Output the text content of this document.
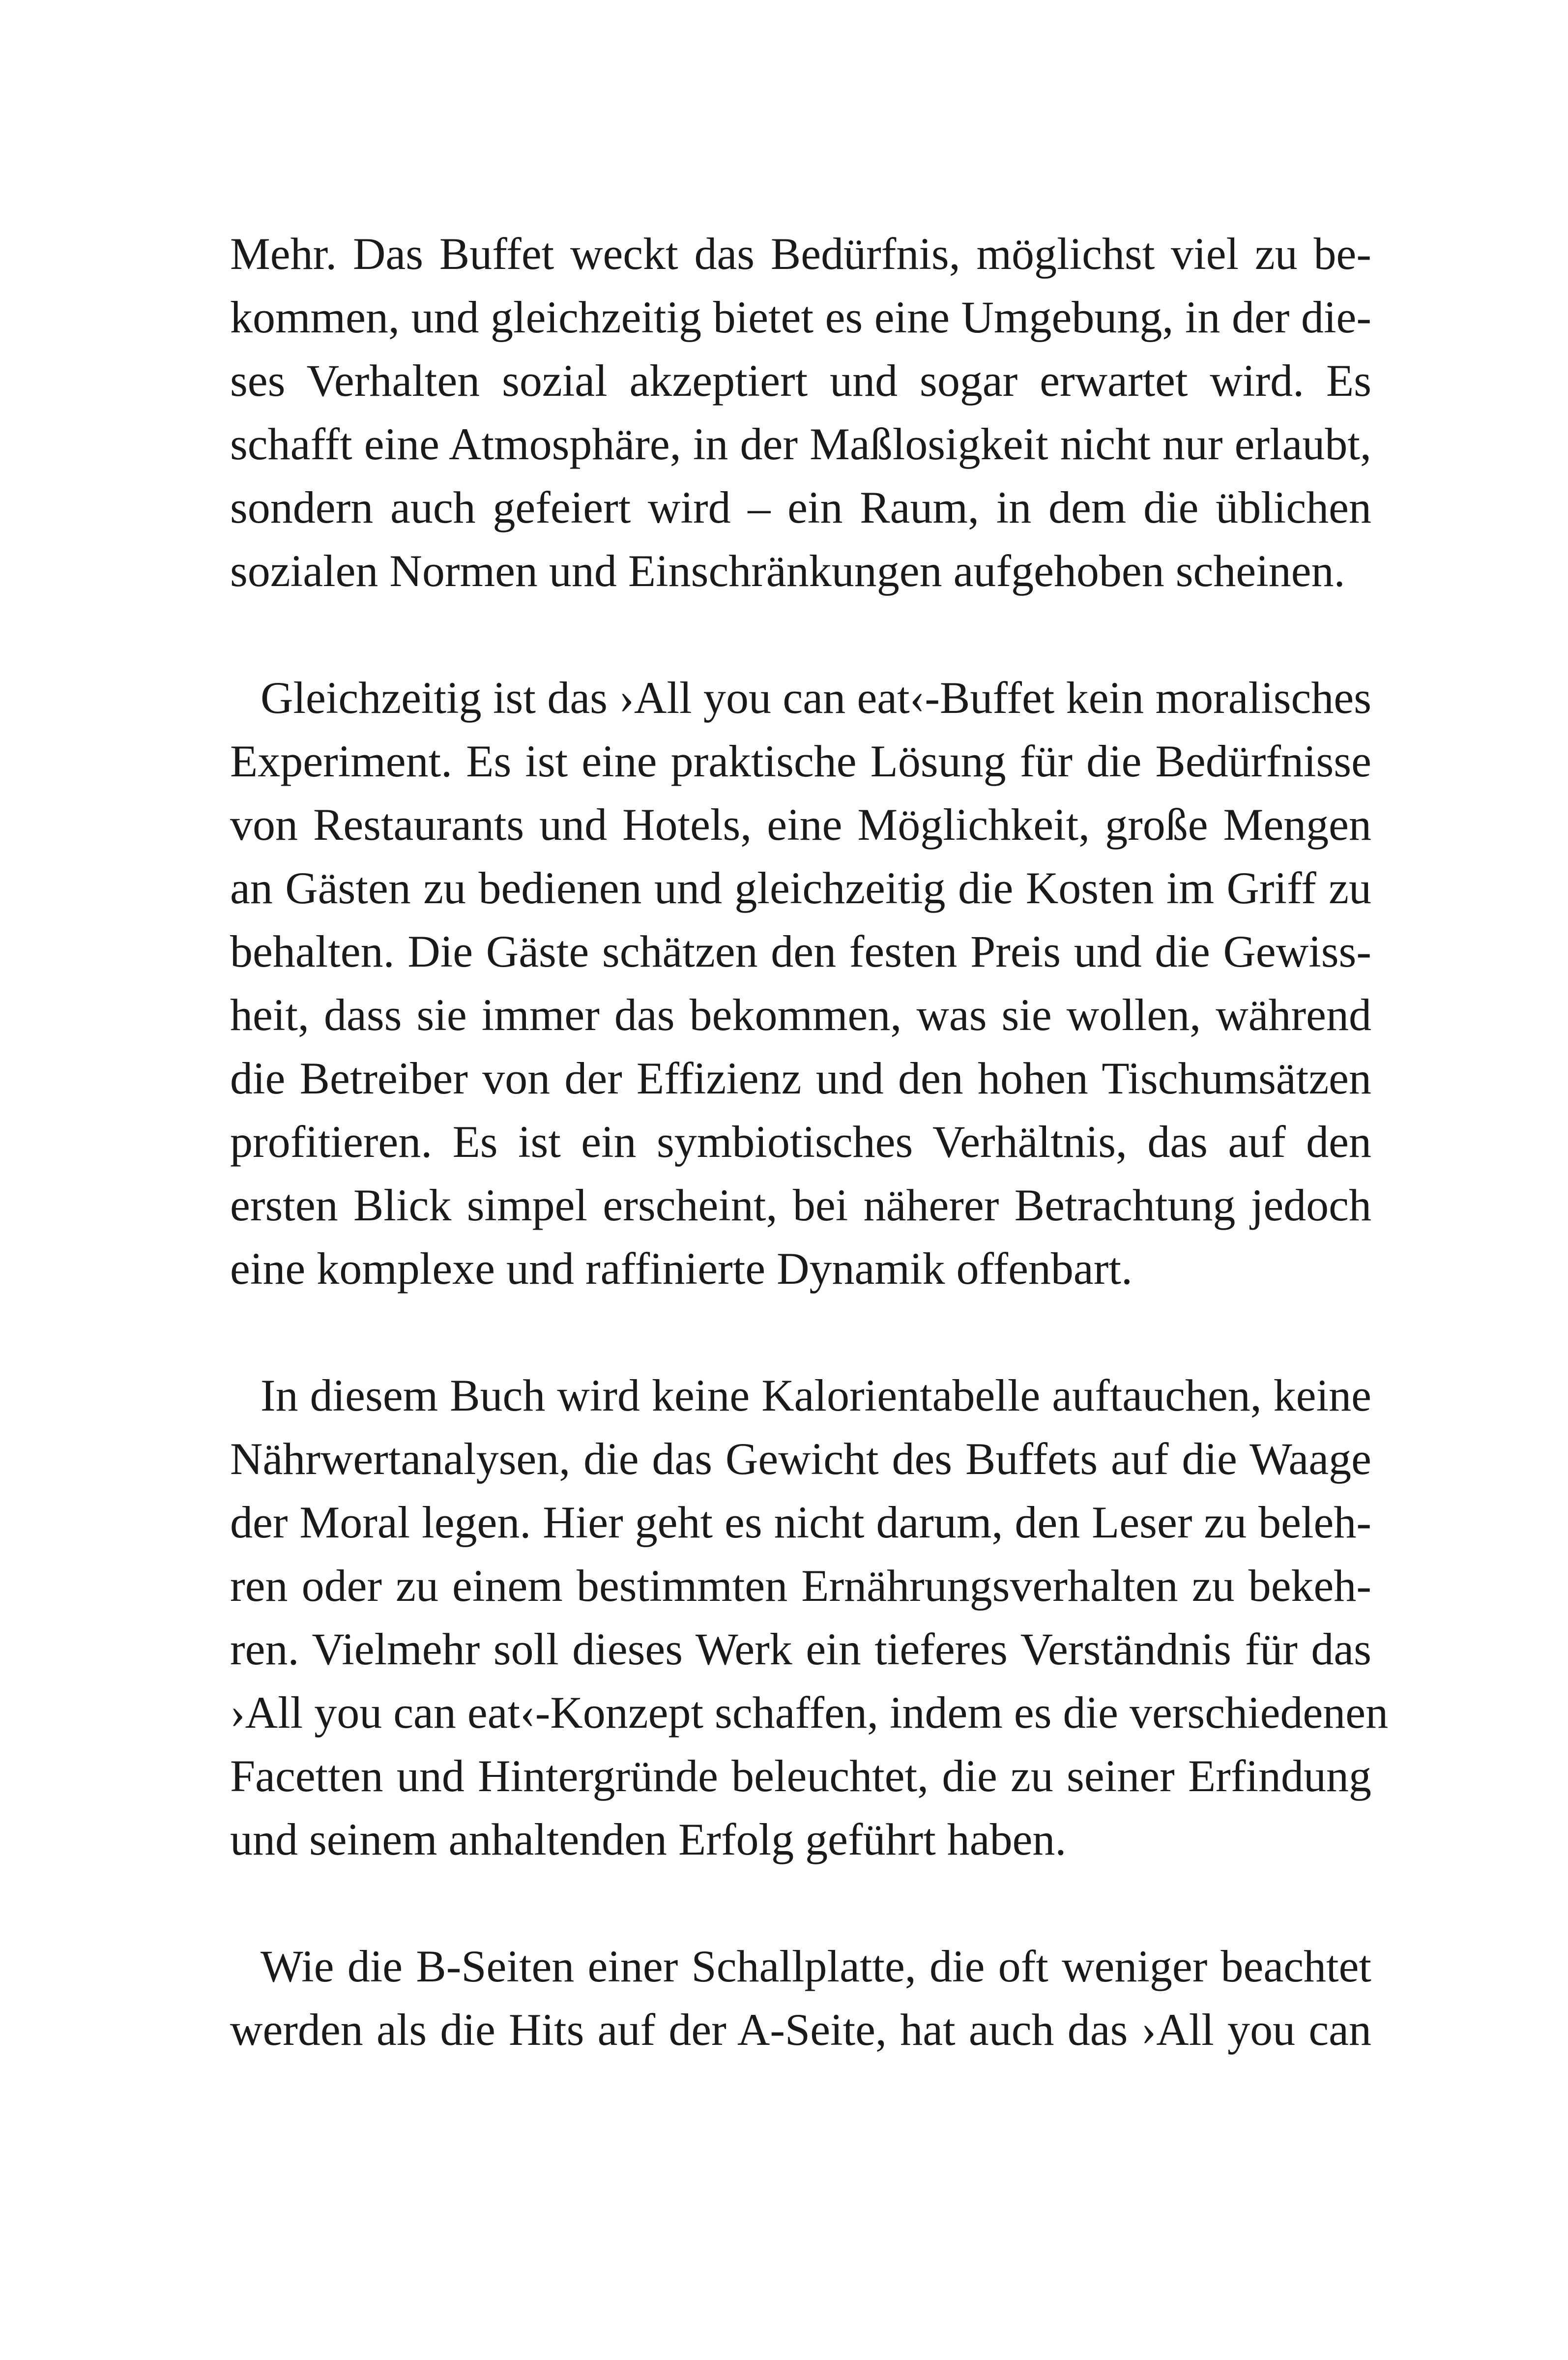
Mehr. Das Buffet weckt das Bedürfnis, möglichst viel zu be-
kommen, und gleichzeitig bietet es eine Umgebung, in der die-
ses Verhalten sozial akzeptiert und sogar erwartet wird. Es
schafft eine Atmosphäre, in der Maßlosigkeit nicht nur erlaubt,
sondern auch gefeiert wird – ein Raum, in dem die üblichen
sozialen Normen und Einschränkungen aufgehoben scheinen.

Gleichzeitig ist das ›All you can eat‹-Buffet kein moralisches
Experiment. Es ist eine praktische Lösung für die Bedürfnisse
von Restaurants und Hotels, eine Möglichkeit, große Mengen
an Gästen zu bedienen und gleichzeitig die Kosten im Griff zu
behalten. Die Gäste schätzen den festen Preis und die Gewiss-
heit, dass sie immer das bekommen, was sie wollen, während
die Betreiber von der Effizienz und den hohen Tischumsätzen
profitieren. Es ist ein symbiotisches Verhältnis, das auf den
ersten Blick simpel erscheint, bei näherer Betrachtung jedoch
eine komplexe und raffinierte Dynamik offenbart.

In diesem Buch wird keine Kalorientabelle auftauchen, keine
Nährwertanalysen, die das Gewicht des Buffets auf die Waage
der Moral legen. Hier geht es nicht darum, den Leser zu beleh-
ren oder zu einem bestimmten Ernährungsverhalten zu bekeh-
ren. Vielmehr soll dieses Werk ein tieferes Verständnis für das
›All you can eat‹-Konzept schaffen, indem es die verschiedenen
Facetten und Hintergründe beleuchtet, die zu seiner Erfindung
und seinem anhaltenden Erfolg geführt haben.

Wie die B-Seiten einer Schallplatte, die oft weniger beachtet
werden als die Hits auf der A-Seite, hat auch das ›All you can
